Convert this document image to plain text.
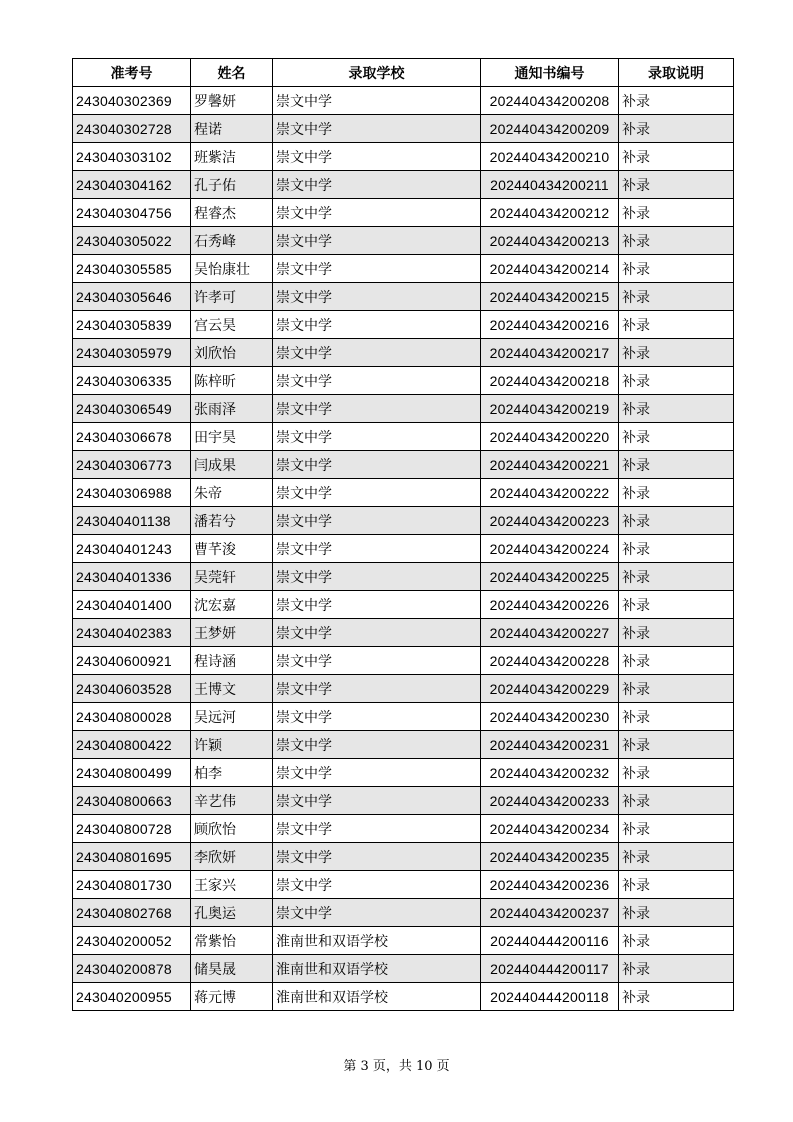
准考号	姓名	录取学校	通知书编号	录取说明
243040302369	罗馨妍	崇文中学	202440434200208	补录
243040302728	程诺	崇文中学	202440434200209	补录
243040303102	班紫洁	崇文中学	202440434200210	补录
243040304162	孔子佑	崇文中学	202440434200211	补录
243040304756	程睿杰	崇文中学	202440434200212	补录
243040305022	石秀峰	崇文中学	202440434200213	补录
243040305585	吴怡康壮	崇文中学	202440434200214	补录
243040305646	许孝可	崇文中学	202440434200215	补录
243040305839	宫云昊	崇文中学	202440434200216	补录
243040305979	刘欣怡	崇文中学	202440434200217	补录
243040306335	陈梓昕	崇文中学	202440434200218	补录
243040306549	张雨泽	崇文中学	202440434200219	补录
243040306678	田宇昊	崇文中学	202440434200220	补录
243040306773	闫成果	崇文中学	202440434200221	补录
243040306988	朱帝	崇文中学	202440434200222	补录
243040401138	潘若兮	崇文中学	202440434200223	补录
243040401243	曹芊浚	崇文中学	202440434200224	补录
243040401336	吴莞轩	崇文中学	202440434200225	补录
243040401400	沈宏嘉	崇文中学	202440434200226	补录
243040402383	王梦妍	崇文中学	202440434200227	补录
243040600921	程诗涵	崇文中学	202440434200228	补录
243040603528	王博文	崇文中学	202440434200229	补录
243040800028	吴远河	崇文中学	202440434200230	补录
243040800422	许颖	崇文中学	202440434200231	补录
243040800499	柏李	崇文中学	202440434200232	补录
243040800663	辛艺伟	崇文中学	202440434200233	补录
243040800728	顾欣怡	崇文中学	202440434200234	补录
243040801695	李欣妍	崇文中学	202440434200235	补录
243040801730	王家兴	崇文中学	202440434200236	补录
243040802768	孔奥运	崇文中学	202440434200237	补录
243040200052	常紫怡	淮南世和双语学校	202440444200116	补录
243040200878	储昊晟	淮南世和双语学校	202440444200117	补录
243040200955	蒋元博	淮南世和双语学校	202440444200118	补录
第 3 页，共 10 页
